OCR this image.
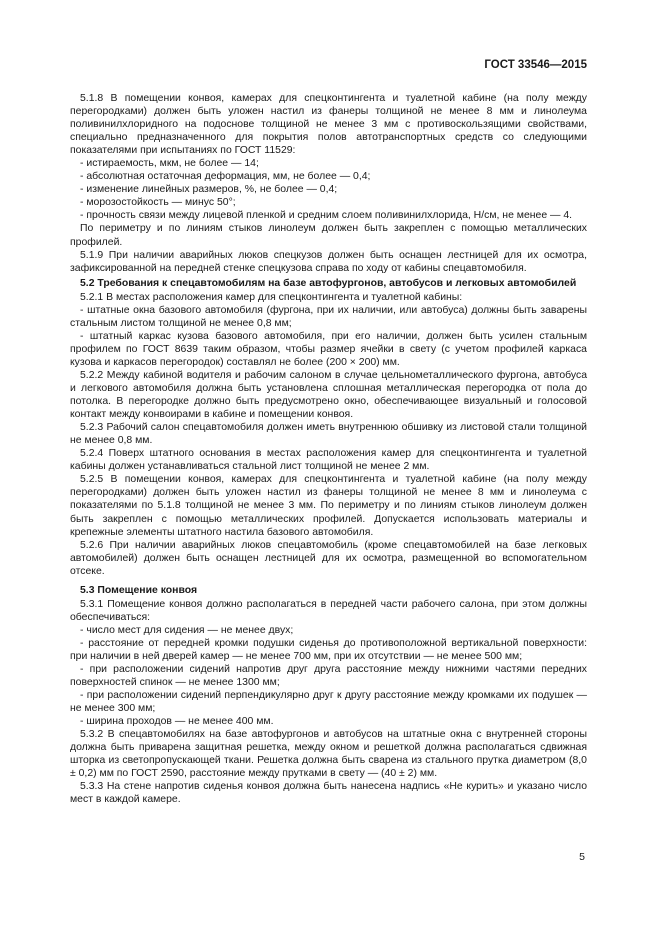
ГОСТ 33546—2015

5.1.8 В помещении конвоя, камерах для спецконтингента и туалетной кабине (на полу между перегородками) должен быть уложен настил из фанеры толщиной не менее 8 мм и линолеума поливинилхлоридного на подоснове толщиной не менее 3 мм с противоскользящими свойствами, специально предназначенного для покрытия полов автотранспортных средств со следующими показателями при испытаниях по ГОСТ 11529:

- истираемость, мкм, не более — 14;

- абсолютная остаточная деформация, мм, не более — 0,4;

- изменение линейных размеров, %, не более — 0,4;

- морозостойкость — минус 50°;

- прочность связи между лицевой пленкой и средним слоем поливинилхлорида, Н/см, не менее — 4.

По периметру и по линиям стыков линолеум должен быть закреплен с помощью металлических профилей.

5.1.9 При наличии аварийных люков спецкузов должен быть оснащен лестницей для их осмотра, зафиксированной на передней стенке спецкузова справа по ходу от кабины спецавтомобиля.

5.2 Требования к спецавтомобилям на базе автофургонов, автобусов и легковых автомобилей

5.2.1 В местах расположения камер для спецконтингента и туалетной кабины:

- штатные окна базового автомобиля (фургона, при их наличии, или автобуса) должны быть заварены стальным листом толщиной не менее 0,8 мм;

- штатный каркас кузова базового автомобиля, при его наличии, должен быть усилен стальным профилем по ГОСТ 8639 таким образом, чтобы размер ячейки в свету (с учетом профилей каркаса кузова и каркасов перегородок) составлял не более (200 × 200) мм.

5.2.2 Между кабиной водителя и рабочим салоном в случае цельнометаллического фургона, автобуса и легкового автомобиля должна быть установлена сплошная металлическая перегородка от пола до потолка. В перегородке должно быть предусмотрено окно, обеспечивающее визуальный и голосовой контакт между конвоирами в кабине и помещении конвоя.

5.2.3 Рабочий салон спецавтомобиля должен иметь внутреннюю обшивку из листовой стали толщиной не менее 0,8 мм.

5.2.4 Поверх штатного основания в местах расположения камер для спецконтингента и туалетной кабины должен устанавливаться стальной лист толщиной не менее 2 мм.

5.2.5 В помещении конвоя, камерах для спецконтингента и туалетной кабине (на полу между перегородками) должен быть уложен настил из фанеры толщиной не менее 8 мм и линолеума с показателями по 5.1.8 толщиной не менее 3 мм. По периметру и по линиям стыков линолеум должен быть закреплен с помощью металлических профилей. Допускается использовать материалы и крепежные элементы штатного настила базового автомобиля.

5.2.6 При наличии аварийных люков спецавтомобиль (кроме спецавтомобилей на базе легковых автомобилей) должен быть оснащен лестницей для их осмотра, размещенной во вспомогательном отсеке.

5.3 Помещение конвоя

5.3.1 Помещение конвоя должно располагаться в передней части рабочего салона, при этом должны обеспечиваться:

- число мест для сидения — не менее двух;

- расстояние от передней кромки подушки сиденья до противоположной вертикальной поверхности: при наличии в ней дверей камер — не менее 700 мм, при их отсутствии — не менее 500 мм;

- при расположении сидений напротив друг друга расстояние между нижними частями передних поверхностей спинок — не менее 1300 мм;

- при расположении сидений перпендикулярно друг к другу расстояние между кромками их подушек — не менее 300 мм;

- ширина проходов — не менее 400 мм.

5.3.2 В спецавтомобилях на базе автофургонов и автобусов на штатные окна с внутренней стороны должна быть приварена защитная решетка, между окном и решеткой должна располагаться сдвижная шторка из светопропускающей ткани. Решетка должна быть сварена из стального прутка диаметром (8,0 ± 0,2) мм по ГОСТ 2590, расстояние между прутками в свету — (40 ± 2) мм.

5.3.3 На стене напротив сиденья конвоя должна быть нанесена надпись «Не курить» и указано число мест в каждой камере.

5
